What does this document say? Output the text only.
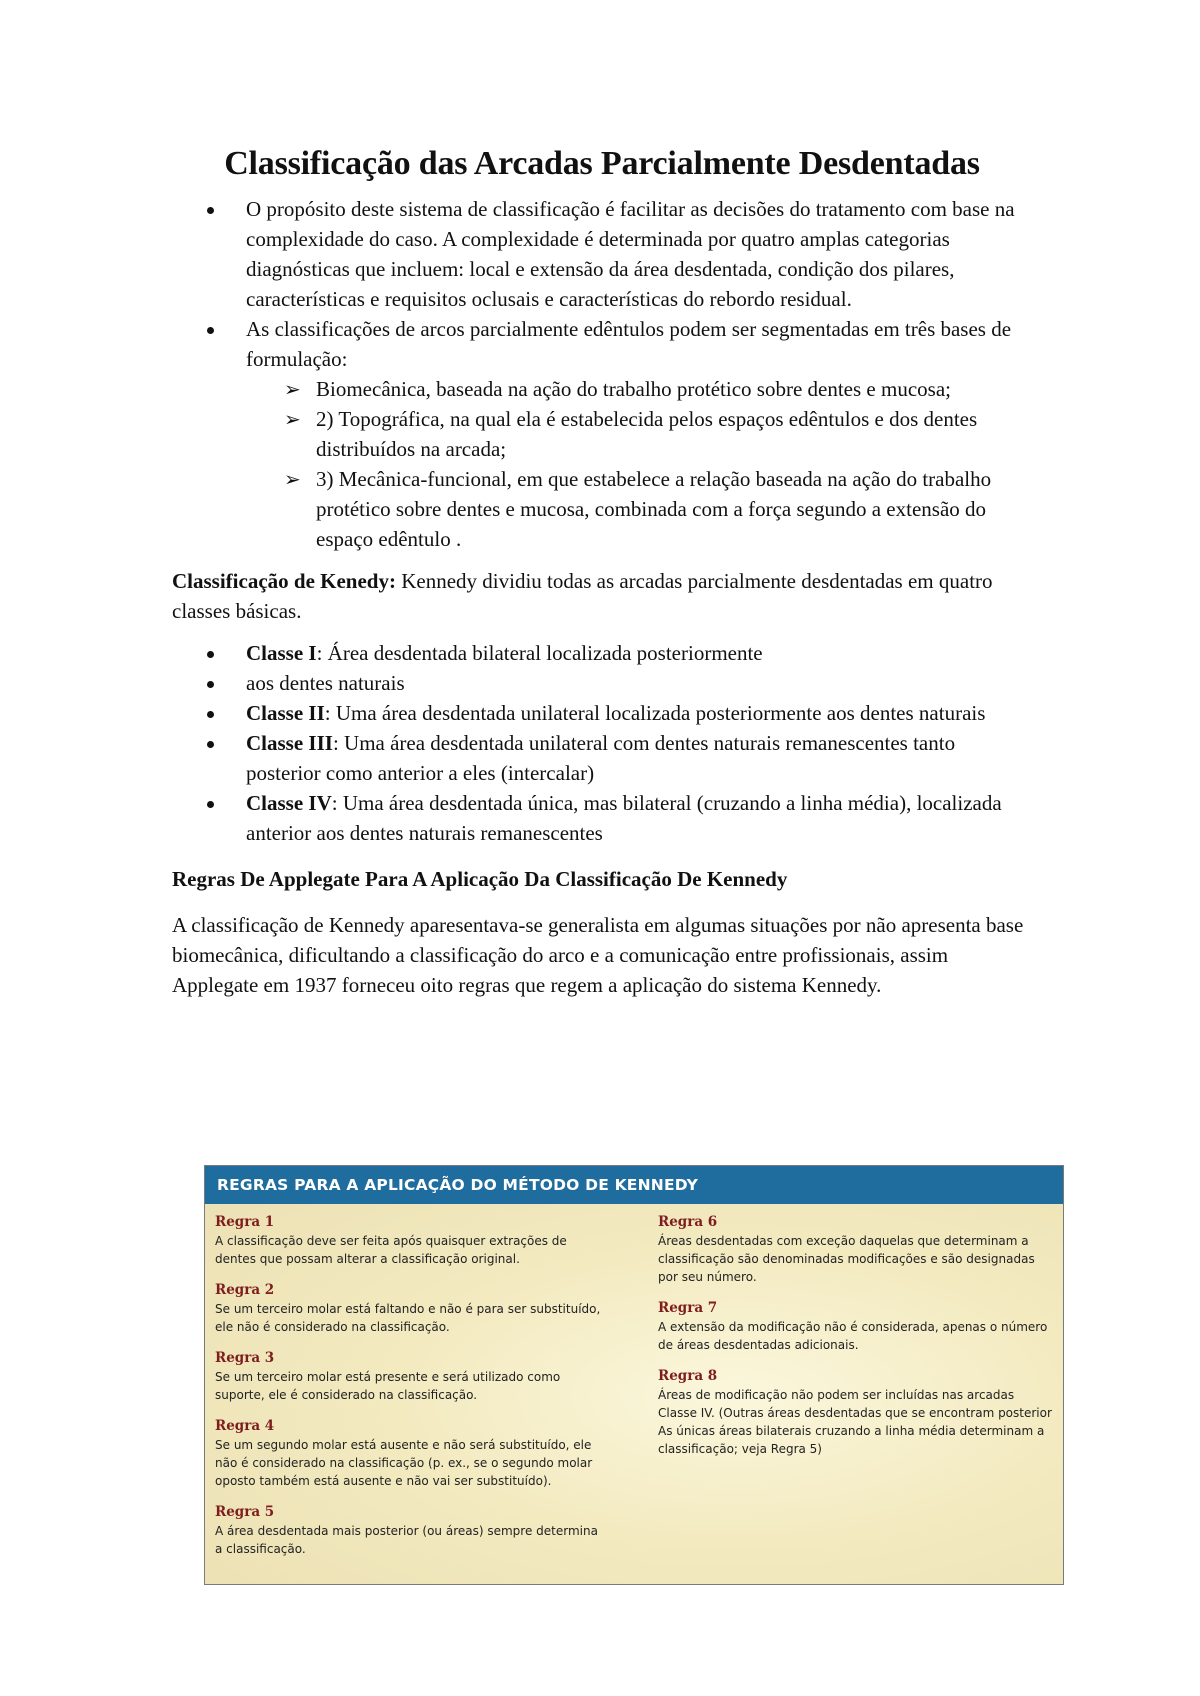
Classificação das Arcadas Parcialmente Desdentadas
O propósito deste sistema de classificação é facilitar as decisões do tratamento com base na complexidade do caso. A complexidade é determinada por quatro amplas categorias diagnósticas que incluem: local e extensão da área desdentada, condição dos pilares, características e requisitos oclusais e características do rebordo residual.
As classificações de arcos parcialmente edêntulos podem ser segmentadas em três bases de formulação:
➢ Biomecânica, baseada na ação do trabalho protético sobre dentes e mucosa;
➢ 2) Topográfica, na qual ela é estabelecida pelos espaços edêntulos e dos dentes distribuídos na arcada;
➢ 3) Mecânica-funcional, em que estabelece a relação baseada na ação do trabalho protético sobre dentes e mucosa, combinada com a força segundo a extensão do espaço edêntulo .

Classificação de Kenedy: Kennedy dividiu todas as arcadas parcialmente desdentadas em quatro classes básicas.

Classe I: Área desdentada bilateral localizada posteriormente
aos dentes naturais
Classe II: Uma área desdentada unilateral localizada posteriormente aos dentes naturais
Classe III: Uma área desdentada unilateral com dentes naturais remanescentes tanto posterior como anterior a eles (intercalar)
Classe IV: Uma área desdentada única, mas bilateral (cruzando a linha média), localizada anterior aos dentes naturais remanescentes
Regras De Applegate Para A Aplicação Da Classificação De Kennedy

A classificação de Kennedy aparesentava-se generalista em algumas situações por não apresenta base biomecânica, dificultando a classificação do arco e a comunicação entre profissionais, assim Applegate em 1937 forneceu oito regras que regem a aplicação do sistema Kennedy.

REGRAS PARA A APLICAÇÃO DO MÉTODO DE KENNEDY
Regra 1
A classificação deve ser feita após quaisquer extrações de dentes que possam alterar a classificação original.
Regra 2
Se um terceiro molar está faltando e não é para ser substituído, ele não é considerado na classificação.
Regra 3
Se um terceiro molar está presente e será utilizado como suporte, ele é considerado na classificação.
Regra 4
Se um segundo molar está ausente e não será substituído, ele não é considerado na classificação (p. ex., se o segundo molar oposto também está ausente e não vai ser substituído).
Regra 5
A área desdentada mais posterior (ou áreas) sempre determina a classificação.
Regra 6
Áreas desdentadas com exceção daquelas que determinam a classificação são denominadas modificações e são designadas por seu número.
Regra 7
A extensão da modificação não é considerada, apenas o número de áreas desdentadas adicionais.
Regra 8
Áreas de modificação não podem ser incluídas nas arcadas Classe IV. (Outras áreas desdentadas que se encontram posterior As únicas áreas bilaterais cruzando a linha média determinam a classificação; veja Regra 5)
